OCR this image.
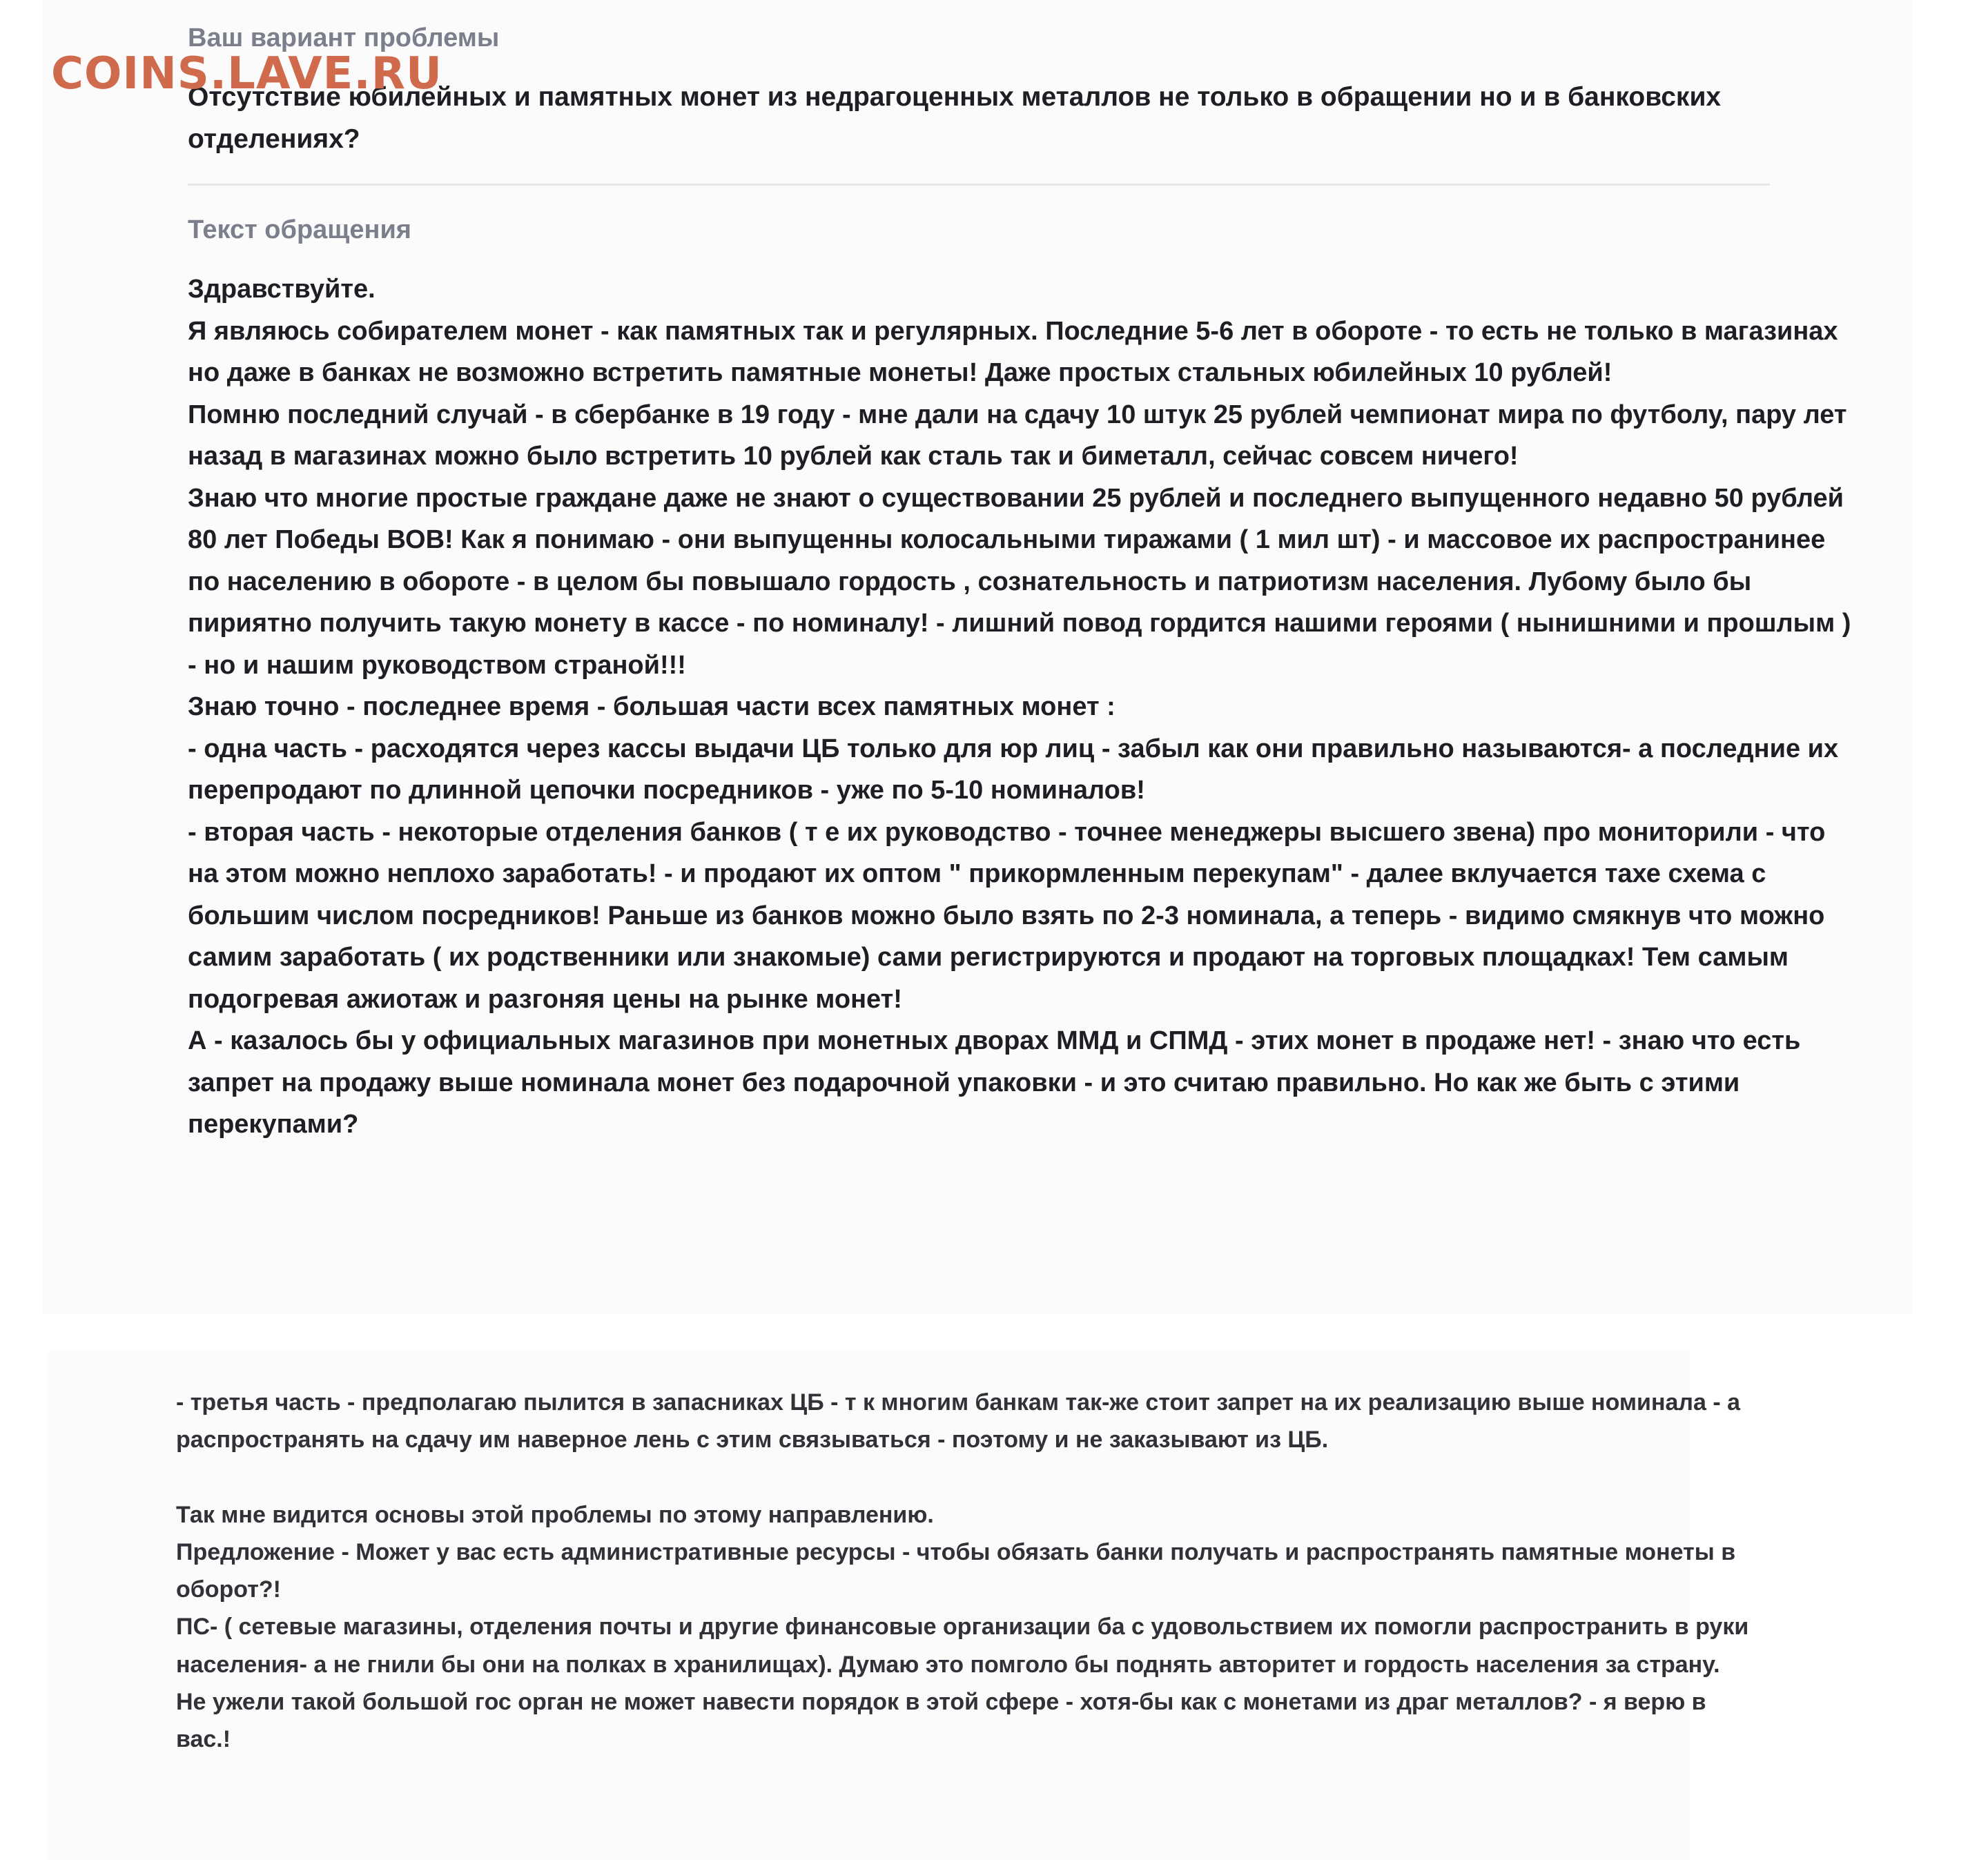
COINS.LAVE.RU
Ваш вариант проблемы

Отсутствие юбилейных и памятных монет из недрагоценных металлов не только в обращении но и в банковских отделениях?

Текст обращения

Здравствуйте.

Я являюсь собирателем монет - как памятных так и регулярных. Последние 5-6 лет в обороте - то есть не только в магазинах но даже в банках не возможно встретить памятные монеты! Даже простых стальных юбилейных 10 рублей!

Помню последний случай - в сбербанке в 19 году - мне дали на сдачу 10 штук 25 рублей чемпионат мира по футболу, пару лет назад в магазинах можно было встретить 10 рублей как сталь так и биметалл, сейчас совсем ничего!

Знаю что многие простые граждане даже не знают о существовании 25 рублей и последнего выпущенного недавно 50 рублей 80 лет Победы ВОВ! Как я понимаю - они выпущенны колосальными тиражами ( 1 мил шт) - и массовое их распространинее по населению в обороте - в целом бы повышало гордость , сознательность и патриотизм населения. Лубому было бы пириятно получить такую монету в кассе - по номиналу! - лишний повод гордится нашими героями ( нынишними и прошлым ) - но и нашим руководством страной!!!

Знаю точно - последнее время - большая части всех памятных монет :

- одна часть - расходятся через кассы выдачи ЦБ только для юр лиц - забыл как они правильно называются- а последние их перепродают по длинной цепочки посредников - уже по 5-10 номиналов!

- вторая часть - некоторые отделения банков ( т е их руководство - точнее менеджеры высшего звена) про мониторили - что на этом можно неплохо заработать! - и продают их оптом " прикормленным перекупам" - далее вклучается тахе схема с большим числом посредников! Раньше из банков можно было взять по 2-3 номинала, а теперь - видимо смякнув что можно самим заработать ( их родственники или знакомые) сами регистрируются и продают на торговых площадках! Тем самым подогревая ажиотаж и разгоняя цены на рынке монет!

А - казалось бы у официальных магазинов при монетных дворах ММД и СПМД - этих монет в продаже нет! - знаю что есть запрет на продажу выше номинала монет без подарочной упаковки - и это считаю правильно. Но как же быть с этими перекупами?

- третья часть - предполагаю пылится в запасниках ЦБ - т к многим банкам так-же стоит запрет на их реализацию выше номинала - а распространять на сдачу им наверное лень с этим связываться - поэтому и не заказывают из ЦБ.

Так мне видится основы этой проблемы по этому направлению.

Предложение - Может у вас есть административные ресурсы - чтобы обязать банки получать и распространять памятные монеты в оборот?!

ПС- ( сетевые магазины, отделения почты и другие финансовые организации ба с удовольствием их помогли распространить в руки населения- а не гнили бы они на полках в хранилищах). Думаю это помголо бы поднять авторитет и гордость населения за страну.

Не ужели такой большой гос орган не может навести порядок в этой сфере - хотя-бы как с монетами из драг металлов? - я верю в вас.!
